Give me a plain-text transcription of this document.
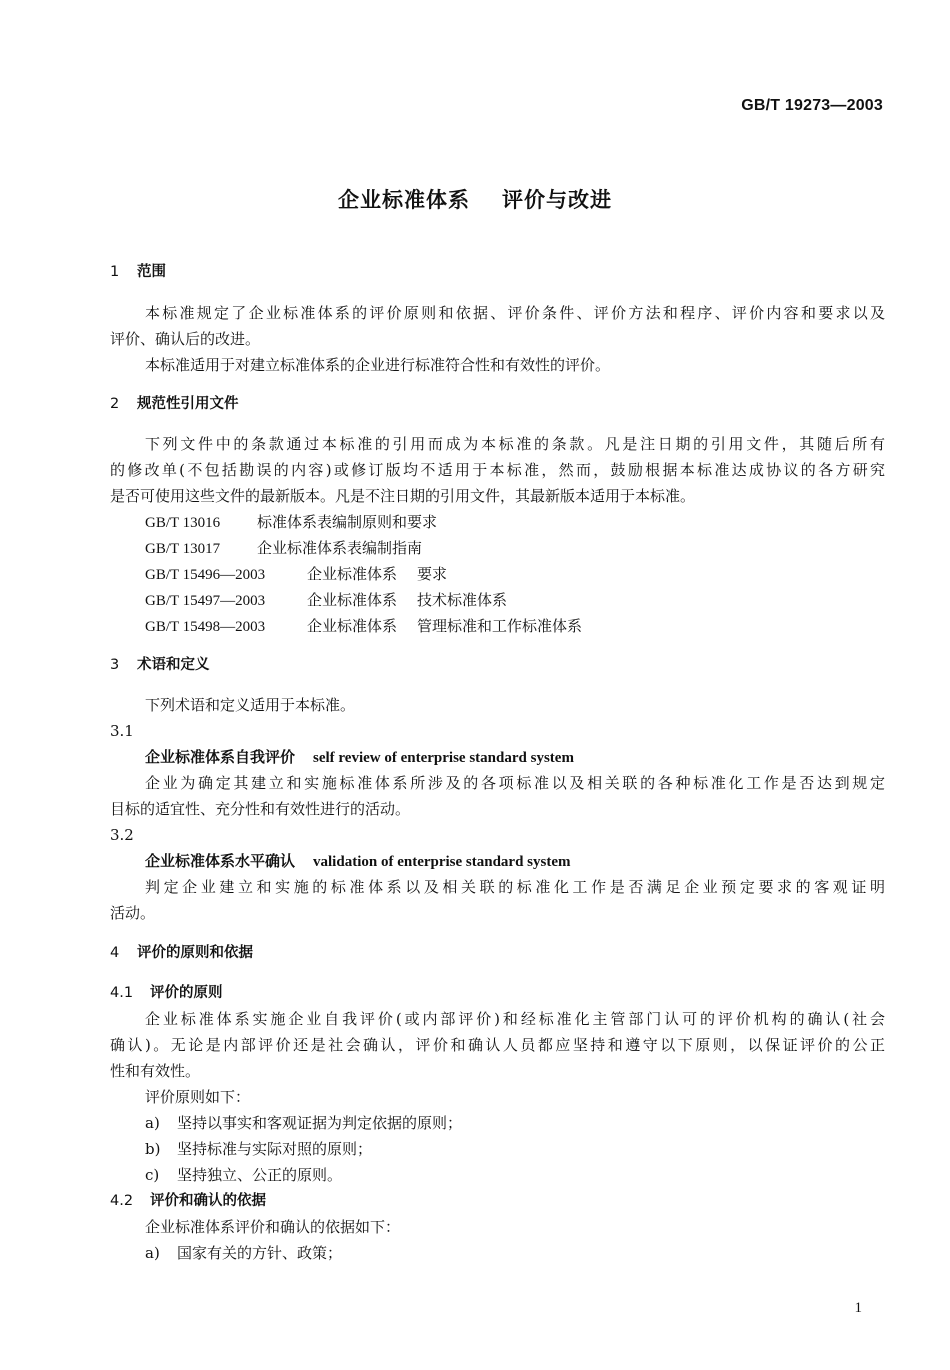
GB/T 19273—2003
企业标准体系 评价与改进
1 范围
本标准规定了企业标准体系的评价原则和依据、评价条件、评价方法和程序、评价内容和要求以及
评价、确认后的改进。
本标准适用于对建立标准体系的企业进行标准符合性和有效性的评价。
2 规范性引用文件
下列文件中的条款通过本标准的引用而成为本标准的条款。凡是注日期的引用文件，其随后所有
的修改单(不包括勘误的内容)或修订版均不适用于本标准，然而，鼓励根据本标准达成协议的各方研究
是否可使用这些文件的最新版本。凡是不注日期的引用文件，其最新版本适用于本标准。
GB/T 13016 标准体系表编制原则和要求
GB/T 13017 企业标准体系表编制指南
GB/T 15496—2003	企业标准体系 要求
GB/T 15497—2003	企业标准体系 技术标准体系
GB/T 15498—2003	企业标准体系 管理标准和工作标准体系
3 术语和定义
下列术语和定义适用于本标准。
3.1
企业标准体系自我评价 self review of enterprise standard system
企业为确定其建立和实施标准体系所涉及的各项标准以及相关联的各种标准化工作是否达到规定
目标的适宜性、充分性和有效性进行的活动。
3.2
企业标准体系水平确认 validation of enterprise standard system
判定企业建立和实施的标准体系以及相关联的标准化工作是否满足企业预定要求的客观证明
活动。
4 评价的原则和依据
4.1 评价的原则
企业标准体系实施企业自我评价(或内部评价)和经标准化主管部门认可的评价机构的确认(社会
确认)。无论是内部评价还是社会确认，评价和确认人员都应坚持和遵守以下原则，以保证评价的公正
性和有效性。
评价原则如下：
a) 坚持以事实和客观证据为判定依据的原则；
b) 坚持标准与实际对照的原则；
c) 坚持独立、公正的原则。
4.2 评价和确认的依据
企业标准体系评价和确认的依据如下：
a) 国家有关的方针、政策；
1
